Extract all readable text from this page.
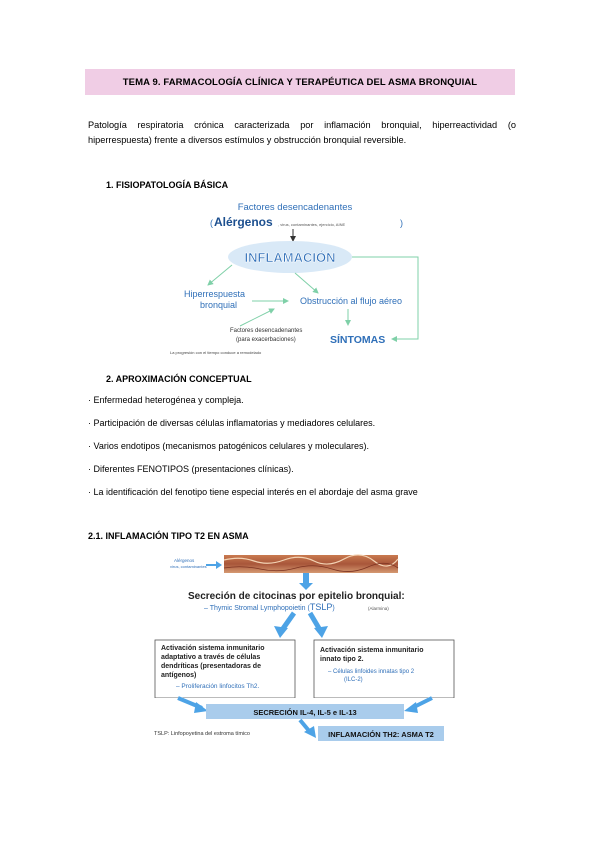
TEMA 9. FARMACOLOGÍA CLÍNICA Y TERAPÉUTICA DEL ASMA BRONQUIAL
Patología respiratoria crónica caracterizada por inflamación bronquial, hiperreactividad (o hiperrespuesta) frente a diversos estímulos y obstrucción bronquial reversible.
1. FISIOPATOLOGÍA BÁSICA
Factores desencadenantes
( Alérgenos , virus, contaminantes, ejercicio, AINE	)
INFLAMACIÓN
Hiperrespuesta
bronquial	Obstrucción al flujo aéreo
Factores desencadenantes
(para exacerbaciones)	SÍNTOMAS
La progresión con el tiempo conduce a remodelado
2. APROXIMACIÓN CONCEPTUAL
· Enfermedad heterogénea y compleja.
· Participación de diversas células inflamatorias y mediadores celulares.
· Varios endotipos (mecanismos patogénicos celulares y moleculares).
· Diferentes FENOTIPOS (presentaciones clínicas).
· La identificación del fenotipo tiene especial interés en el abordaje del asma grave
2.1. INFLAMACIÓN TIPO T2 EN ASMA
Alérgenos
virus, contaminantes
Secreción de citocinas por epitelio bronquial:
– Thymic Stromal Lymphopoietin (TSLP)	(Alarmina)
Activación sistema inmunitario
adaptativo a través de células
dendríticas (presentadoras de
antígenos)
– Proliferación linfocitos Th2.
Activación sistema inmunitario
innato tipo 2.
– Células linfoides innatas tipo 2
(ILC-2)
SECRECIÓN IL-4, IL-5 e IL-13
INFLAMACIÓN TH2: ASMA T2
TSLP: Linfopoyetina del estroma tímico
